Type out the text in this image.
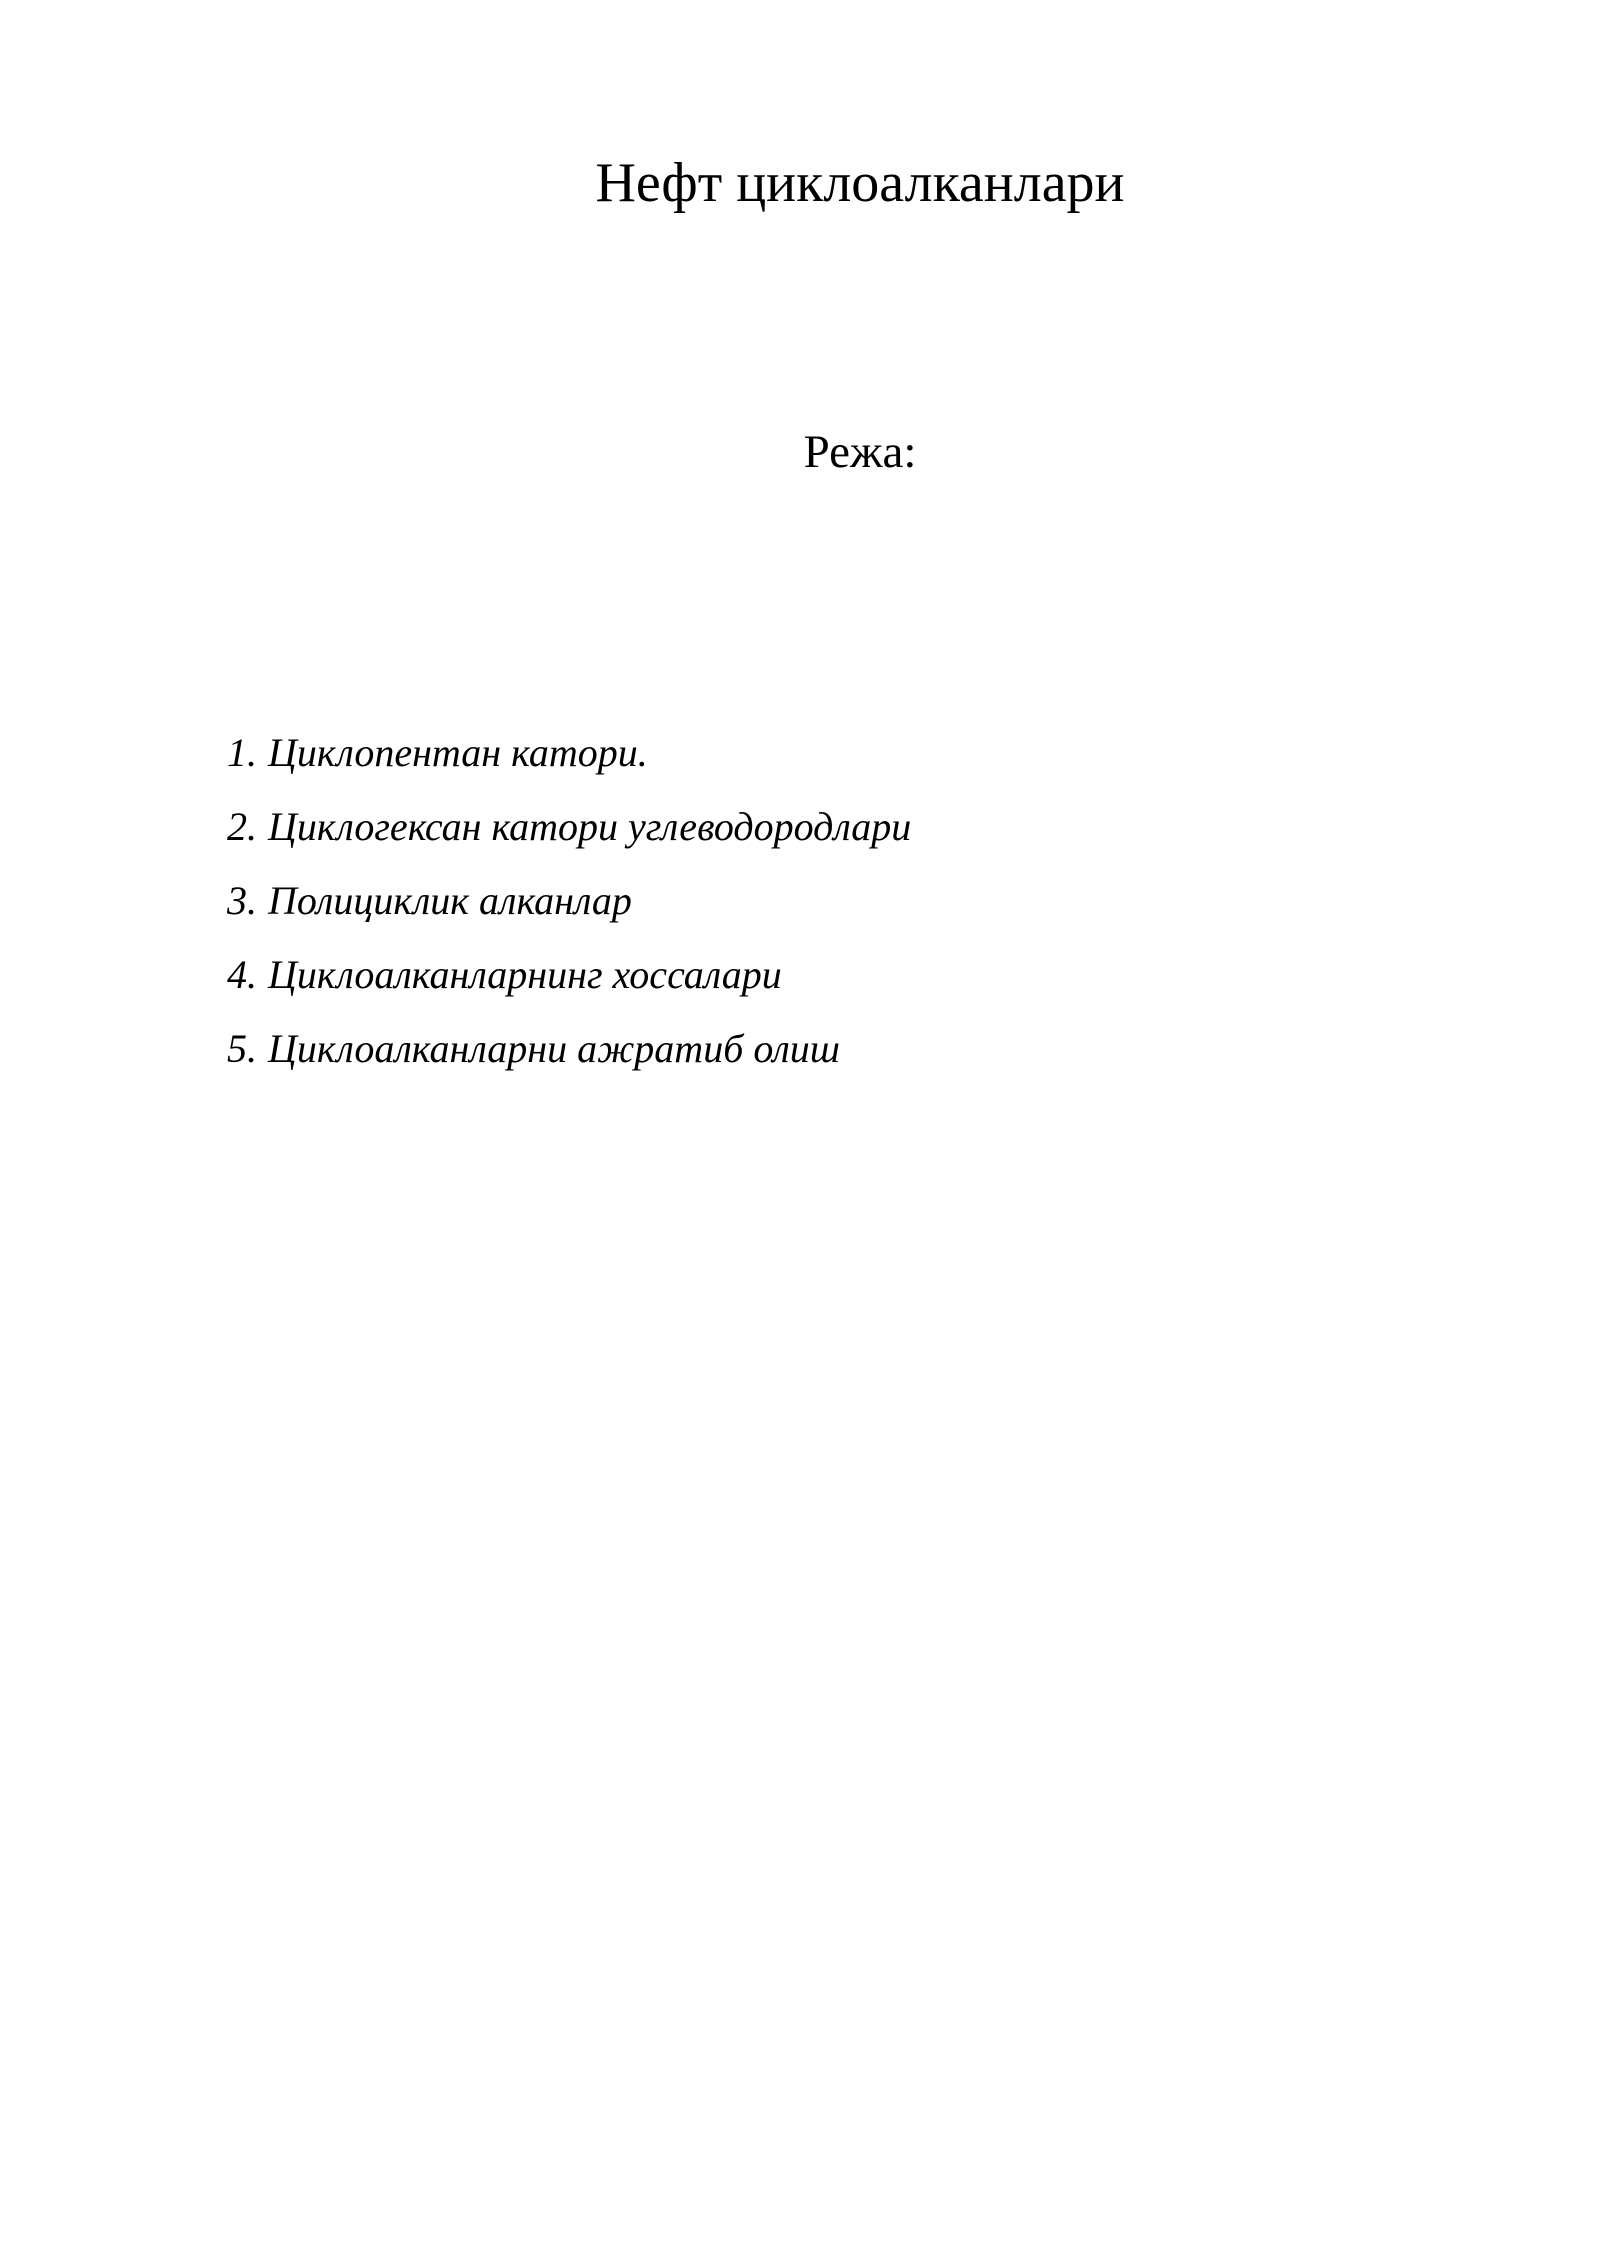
Нефт циклоалканлари

Режа:

1. Циклопентан катори.
2. Циклогексан катори углеводородлари
3. Полициклик алканлар
4. Циклоалканларнинг хоссалари
5. Циклоалканларни ажратиб олиш
